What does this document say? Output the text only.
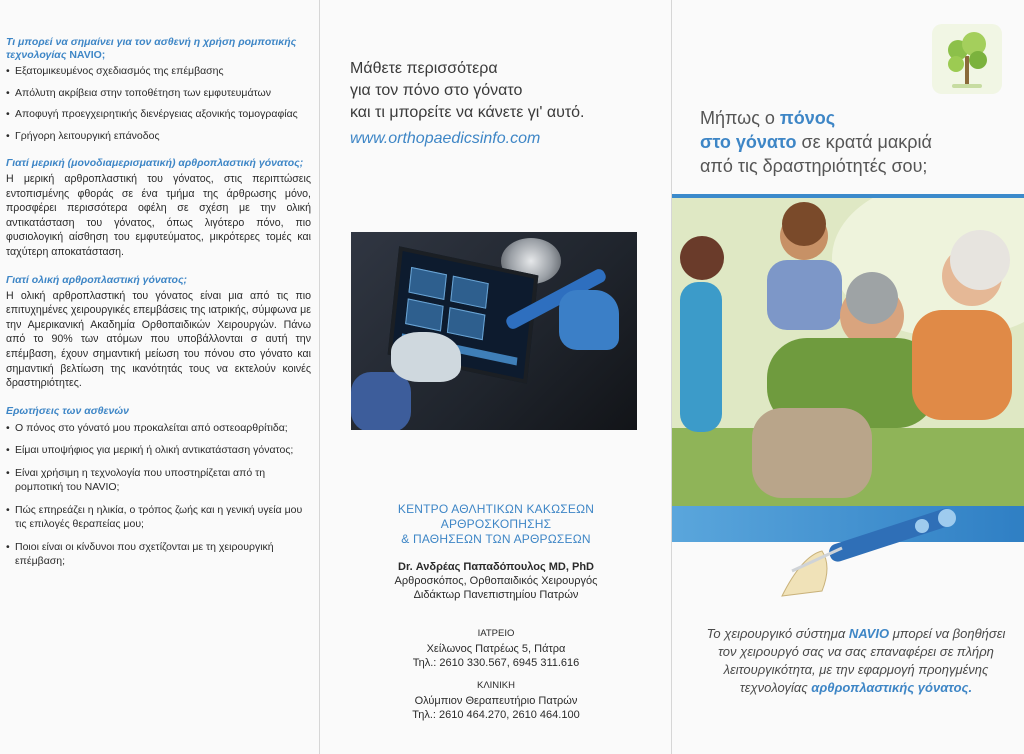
Τι μπορεί να σημαίνει για τον ασθενή η χρήση ρομποτικής τεχνολογίας NAVIO;
• Εξατομικευμένος σχεδιασμός της επέμβασης
• Απόλυτη ακρίβεια στην τοποθέτηση των εμφυτευμάτων
• Αποφυγή προεγχειρητικής διενέργειας αξονικής τομογραφίας
• Γρήγορη λειτουργική επάνοδος
Γιατί μερική (μονοδιαμερισματική) αρθροπλαστική γόνατος;

Η μερική αρθροπλαστική του γόνατος, στις περιπτώσεις εντοπισμένης φθοράς σε ένα τμήμα της άρθρωσης μόνο, προσφέρει περισσότερα οφέλη σε σχέση με την ολική αντικατάσταση του γόνατος, όπως λιγότερο πόνο, πιο φυσιολογική αίσθηση του εμφυτεύματος, μικρότερες τομές και ταχύτερη αποκατάσταση.

Γιατί ολική αρθροπλαστική γόνατος;

Η ολική αρθροπλαστική του γόνατος είναι μια από τις πιο επιτυχημένες χειρουργικές επεμβάσεις της ιατρικής, σύμφωνα με την Αμερικανική Ακαδημία Ορθοπαιδικών Χειρουργών. Πάνω από το 90% των ατόμων που υποβάλλονται σ αυτή την επέμβαση, έχουν σημαντική μείωση του πόνου στο γόνατο και σημαντική βελτίωση της ικανότητάς τους να εκτελούν κοινές δραστηριότητες.

Ερωτήσεις των ασθενών
• Ο πόνος στο γόνατό μου προκαλείται από οστεοαρθρίτιδα;
• Είμαι υποψήφιος για μερική ή ολική αντικατάσταση γόνατος;
• Είναι χρήσιμη η τεχνολογία που υποστηρίζεται από τη ρομποτική του NAVIO;
• Πώς επηρεάζει η ηλικία, ο τρόπος ζωής και η γενική υγεία μου τις επιλογές θεραπείας μου;
• Ποιοι είναι οι κίνδυνοι που σχετίζονται με τη χειρουργική επέμβαση;
Μάθετε περισσότερα
για τον πόνο στο γόνατο
και τι μπορείτε να κάνετε γι' αυτό.
www.orthopaedicsinfo.com
ΚΕΝΤΡΟ ΑΘΛΗΤΙΚΩΝ ΚΑΚΩΣΕΩΝ
ΑΡΘΡΟΣΚΟΠΗΣΗΣ
& ΠΑΘΗΣΕΩΝ ΤΩΝ ΑΡΘΡΩΣΕΩΝ
Dr. Ανδρέας Παπαδόπουλος MD, PhD
Αρθροσκόπος, Ορθοπαιδικός Χειρουργός
Διδάκτωρ Πανεπιστημίου Πατρών
ΙΑΤΡΕΙΟ
Χείλωνος Πατρέως 5, Πάτρα
Τηλ.: 2610 330.567, 6945 311.616
ΚΛΙΝΙΚΗ
Ολύμπιον Θεραπευτήριο Πατρών
Τηλ.: 2610 464.270, 2610 464.100
Μήπως ο πόνος
στο γόνατο σε κρατά μακριά
από τις δραστηριότητές σου;
Το χειρουργικό σύστημα NAVIO μπορεί να βοηθήσει τον χειρουργό σας να σας επαναφέρει σε πλήρη λειτουργικότητα, με την εφαρμογή προηγμένης τεχνολογίας αρθροπλαστικής γόνατος.
